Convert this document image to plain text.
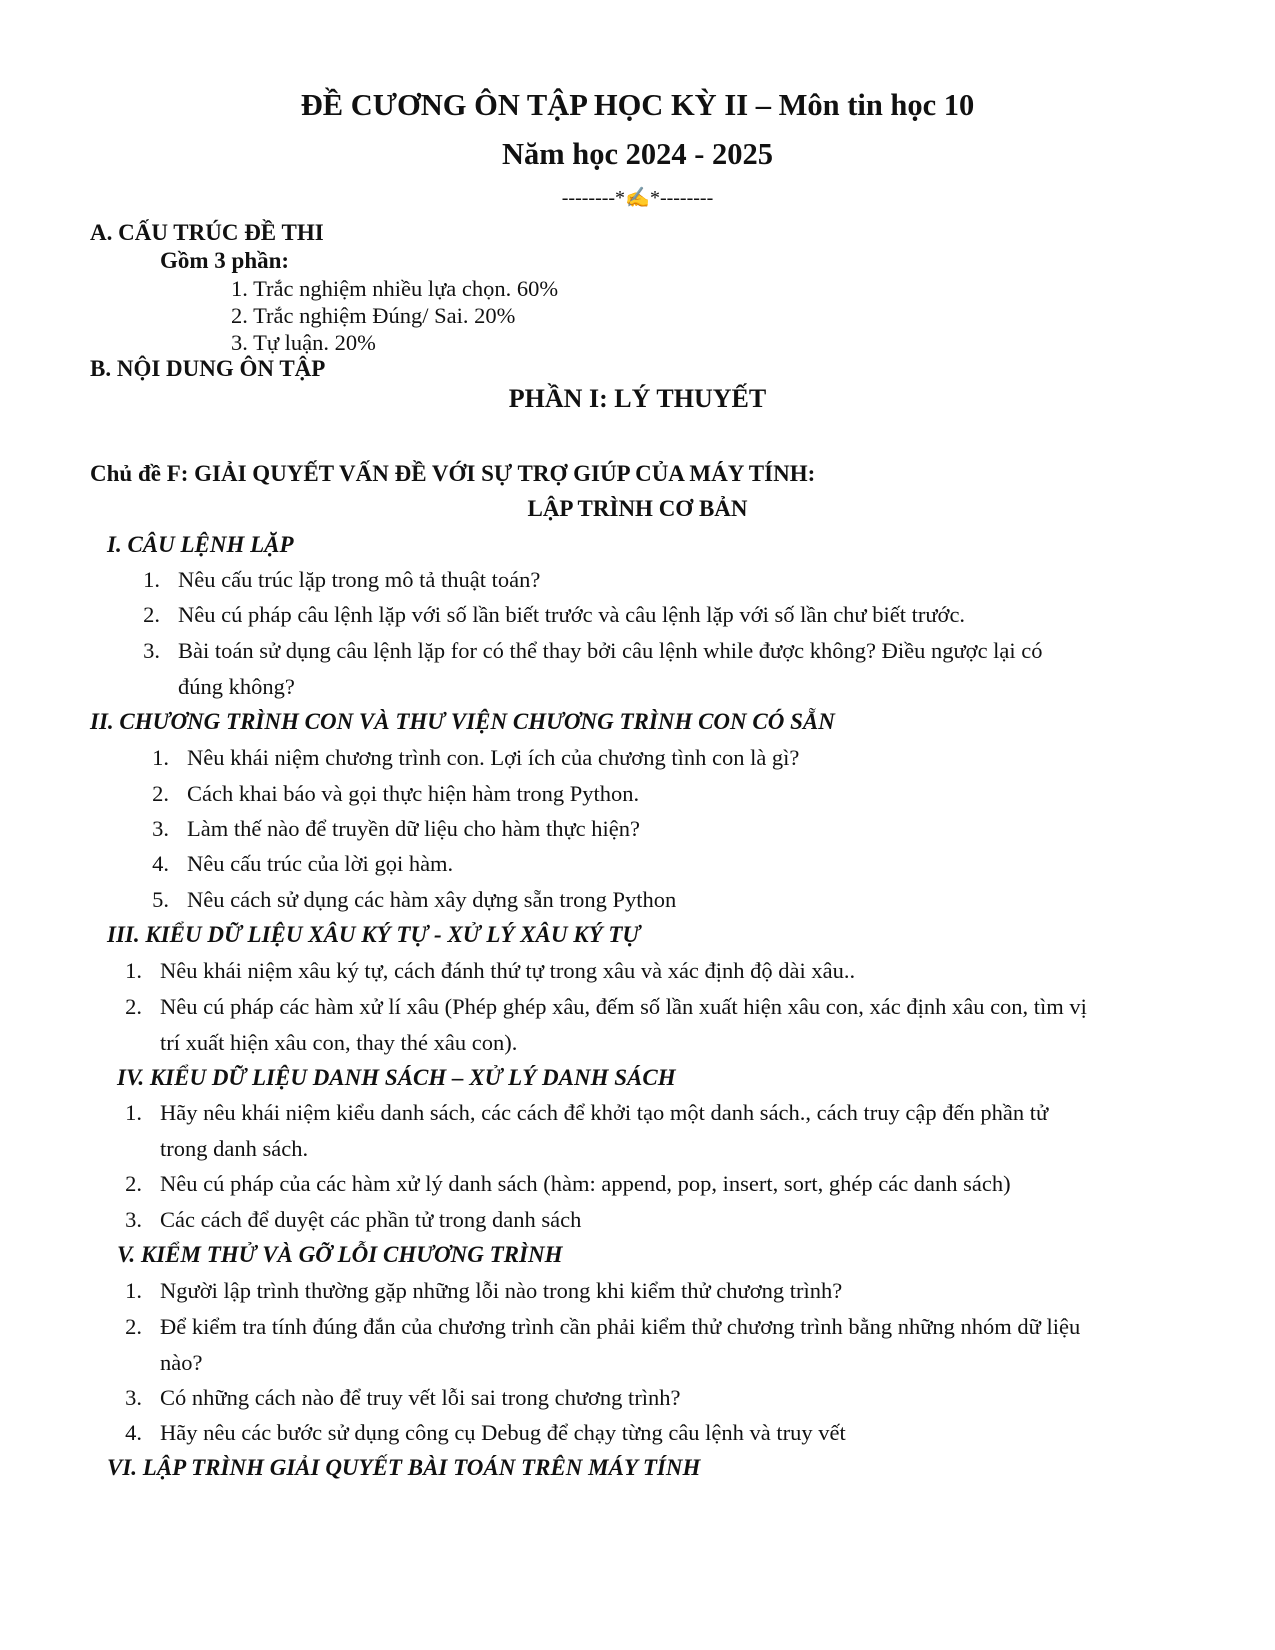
ĐỀ CƯƠNG ÔN TẬP HỌC KỲ II – Môn tin học 10
Năm học 2024 - 2025
--------*✍*--------
A. CẤU TRÚC ĐỀ THI
Gồm 3 phần:
1. Trắc nghiệm nhiều lựa chọn. 60%
2. Trắc nghiệm Đúng/ Sai. 20%
3. Tự luận. 20%
B. NỘI DUNG ÔN TẬP
PHẦN I: LÝ THUYẾT
Chủ đề F: GIẢI QUYẾT VẤN ĐỀ VỚI SỰ TRỢ GIÚP CỦA MÁY TÍNH:
LẬP TRÌNH CƠ BẢN
I. CÂU LỆNH LẶP
1. Nêu cấu trúc lặp trong mô tả thuật toán?
2. Nêu cú pháp câu lệnh lặp với số lần biết trước và câu lệnh lặp với số lần chư biết trước.
3. Bài toán sử dụng câu lệnh lặp for có thể thay bởi câu lệnh while được không? Điều ngược lại có
đúng không?
II. CHƯƠNG TRÌNH CON VÀ THƯ VIỆN CHƯƠNG TRÌNH CON CÓ SẴN
1. Nêu khái niệm chương trình con. Lợi ích của chương tình con là gì?
2. Cách khai báo và gọi thực hiện hàm trong Python.
3. Làm thế nào để truyền dữ liệu cho hàm thực hiện?
4. Nêu cấu trúc của lời gọi hàm.
5. Nêu cách sử dụng các hàm xây dựng sẵn trong Python
III. KIỂU DỮ LIỆU XÂU KÝ TỰ - XỬ LÝ XÂU KÝ TỰ
1. Nêu khái niệm xâu ký tự, cách đánh thứ tự trong xâu và xác định độ dài xâu..
2. Nêu cú pháp các hàm xử lí xâu (Phép ghép xâu, đếm số lần xuất hiện xâu con, xác định xâu con, tìm vị
trí xuất hiện xâu con, thay thé xâu con).
IV. KIỂU DỮ LIỆU DANH SÁCH – XỬ LÝ DANH SÁCH
1. Hãy nêu khái niệm kiểu danh sách, các cách để khởi tạo một danh sách., cách truy cập đến phần tử
trong danh sách.
2. Nêu cú pháp của các hàm xử lý danh sách (hàm: append, pop, insert, sort, ghép các danh sách)
3. Các cách để duyệt các phần tử trong danh sách
V. KIỂM THỬ VÀ GỠ LỖI CHƯƠNG TRÌNH
1. Người lập trình thường gặp những lỗi nào trong khi kiểm thử chương trình?
2. Để kiểm tra tính đúng đắn của chương trình cần phải kiểm thử chương trình bằng những nhóm dữ liệu
nào?
3. Có những cách nào để truy vết lỗi sai trong chương trình?
4. Hãy nêu các bước sử dụng công cụ Debug để chạy từng câu lệnh và truy vết
VI. LẬP TRÌNH GIẢI QUYẾT BÀI TOÁN TRÊN MÁY TÍNH
